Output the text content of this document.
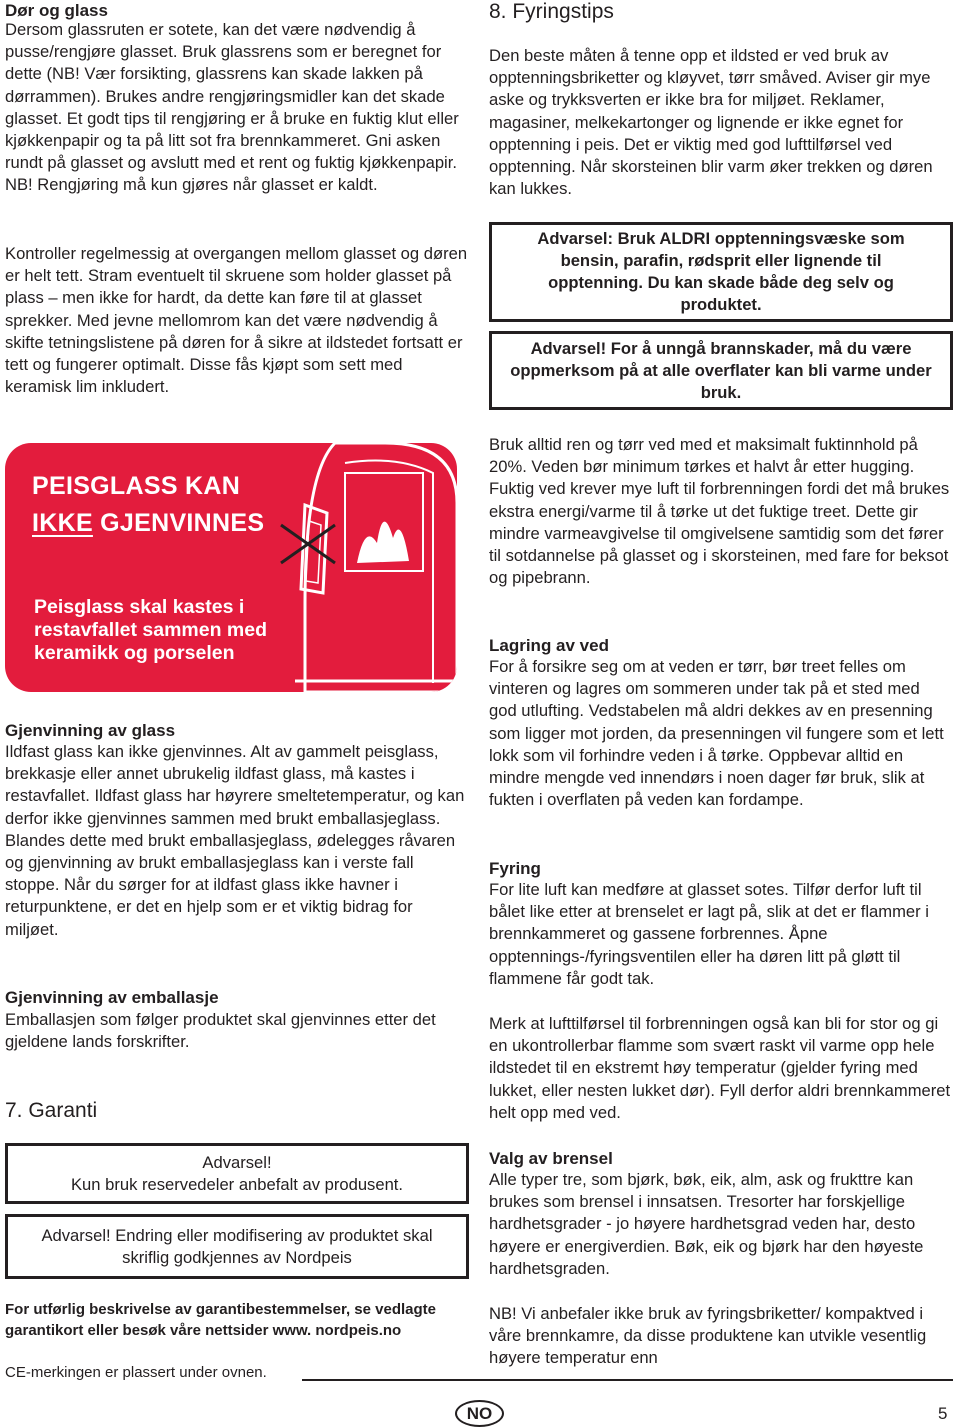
Dør og glass

Dersom glassruten er sotete, kan det være nødvendig å pusse/rengjøre glasset. Bruk glassrens som er beregnet for dette (NB! Vær forsikting, glassrens kan skade lakken på dørrammen). Brukes andre rengjøringsmidler kan det skade glasset. Et godt tips til rengjøring er å bruke en fuktig klut eller kjøkkenpapir og ta på litt sot fra brennkammeret. Gni asken rundt på glasset og avslutt med et rent og fuktig kjøkkenpapir. NB! Rengjøring må kun gjøres når glasset er kaldt.

Kontroller regelmessig at overgangen mellom glasset og døren er helt tett. Stram eventuelt til skruene som holder glasset på plass – men ikke for hardt, da dette kan føre til at glasset sprekker. Med jevne mellomrom kan det være nødvendig å skifte tetningslistene på døren for å sikre at ildstedet fortsatt er tett og fungerer optimalt. Disse fås kjøpt som sett med keramisk lim inkludert.

PEISGLASS KAN
IKKE GJENVINNES
Peisglass skal kastes i restavfallet sammen med keramikk og porselen
Gjenvinning av glass

Ildfast glass kan ikke gjenvinnes. Alt av gammelt peisglass, brekkasje eller annet ubrukelig ildfast glass, må kastes i restavfallet. Ildfast glass har høyrere smeltetemperatur, og kan derfor ikke gjenvinnes sammen med brukt emballasjeglass. Blandes dette med brukt emballasjeglass, ødelegges råvaren og gjenvinning av brukt emballasjeglass kan i verste fall stoppe. Når du sørger for at ildfast glass ikke havner i returpunktene, er det en hjelp som er et viktig bidrag for miljøet.

Gjenvinning av emballasje

Emballasjen som følger produktet skal gjenvinnes etter det gjeldene lands forskrifter.

7. Garanti
Advarsel!
Kun bruk reservedeler anbefalt av produsent.
Advarsel! Endring eller modifisering av produktet skal skriflig godkjennes av Nordpeis

For utførlig beskrivelse av garantibestemmelser, se vedlagte garantikort eller besøk våre nettsider www. nordpeis.no

CE-merkingen er plassert under ovnen.

8. Fyringstips

Den beste måten å tenne opp et ildsted er ved bruk av opptenningsbriketter og kløyvet, tørr småved. Aviser gir mye aske og trykksverten er ikke bra for miljøet. Reklamer, magasiner, melkekartonger og lignende er ikke egnet for opptenning i peis. Det er viktig med god lufttilførsel ved opptenning. Når skorsteinen blir varm øker trekken og døren kan lukkes.

Advarsel: Bruk ALDRI opptenningsvæske som bensin, parafin, rødsprit eller lignende til opptenning. Du kan skade både deg selv og produktet.
Advarsel! For å unngå brannskader, må du være oppmerksom på at alle overflater kan bli varme under bruk.

Bruk alltid ren og tørr ved med et maksimalt fuktinnhold på 20%. Veden bør minimum tørkes et halvt år etter hugging. Fuktig ved krever mye luft til forbrenningen fordi det må brukes ekstra energi/varme til å tørke ut det fuktige treet. Dette gir mindre varmeavgivelse til omgivelsene samtidig som det fører til sotdannelse på glasset og i skorsteinen, med fare for beksot og pipebrann.

Lagring av ved

For å forsikre seg om at veden er tørr, bør treet felles om vinteren og lagres om sommeren under tak på et sted med god utlufting. Vedstabelen må aldri dekkes av en presenning som ligger mot jorden, da presenningen vil fungere som et lett lokk som vil forhindre veden i å tørke. Oppbevar alltid en mindre mengde ved innendørs i noen dager før bruk, slik at fukten i overflaten på veden kan fordampe.

Fyring

For lite luft kan medføre at glasset sotes. Tilfør derfor luft til bålet like etter at brenselet er lagt på, slik at det er flammer i brennkammeret og gassene forbrennes. Åpne opptennings-/fyringsventilen eller ha døren litt på gløtt til flammene får godt tak.

Merk at lufttilførsel til forbrenningen også kan bli for stor og gi en ukontrollerbar flamme som svært raskt vil varme opp hele ildstedet til en ekstremt høy temperatur (gjelder fyring med lukket, eller nesten lukket dør). Fyll derfor aldri brennkammeret helt opp med ved.

Valg av brensel

Alle typer tre, som bjørk, bøk, eik, alm, ask og frukttre kan brukes som brensel i innsatsen. Tresorter har forskjellige hardhetsgrader - jo høyere hardhetsgrad veden har, desto høyere er energiverdien. Bøk, eik og bjørk har den høyeste hardhetsgraden.

NB! Vi anbefaler ikke bruk av fyringsbriketter/ kompaktved i våre brennkamre, da disse produktene kan utvikle vesentlig høyere temperatur enn

NO	5
